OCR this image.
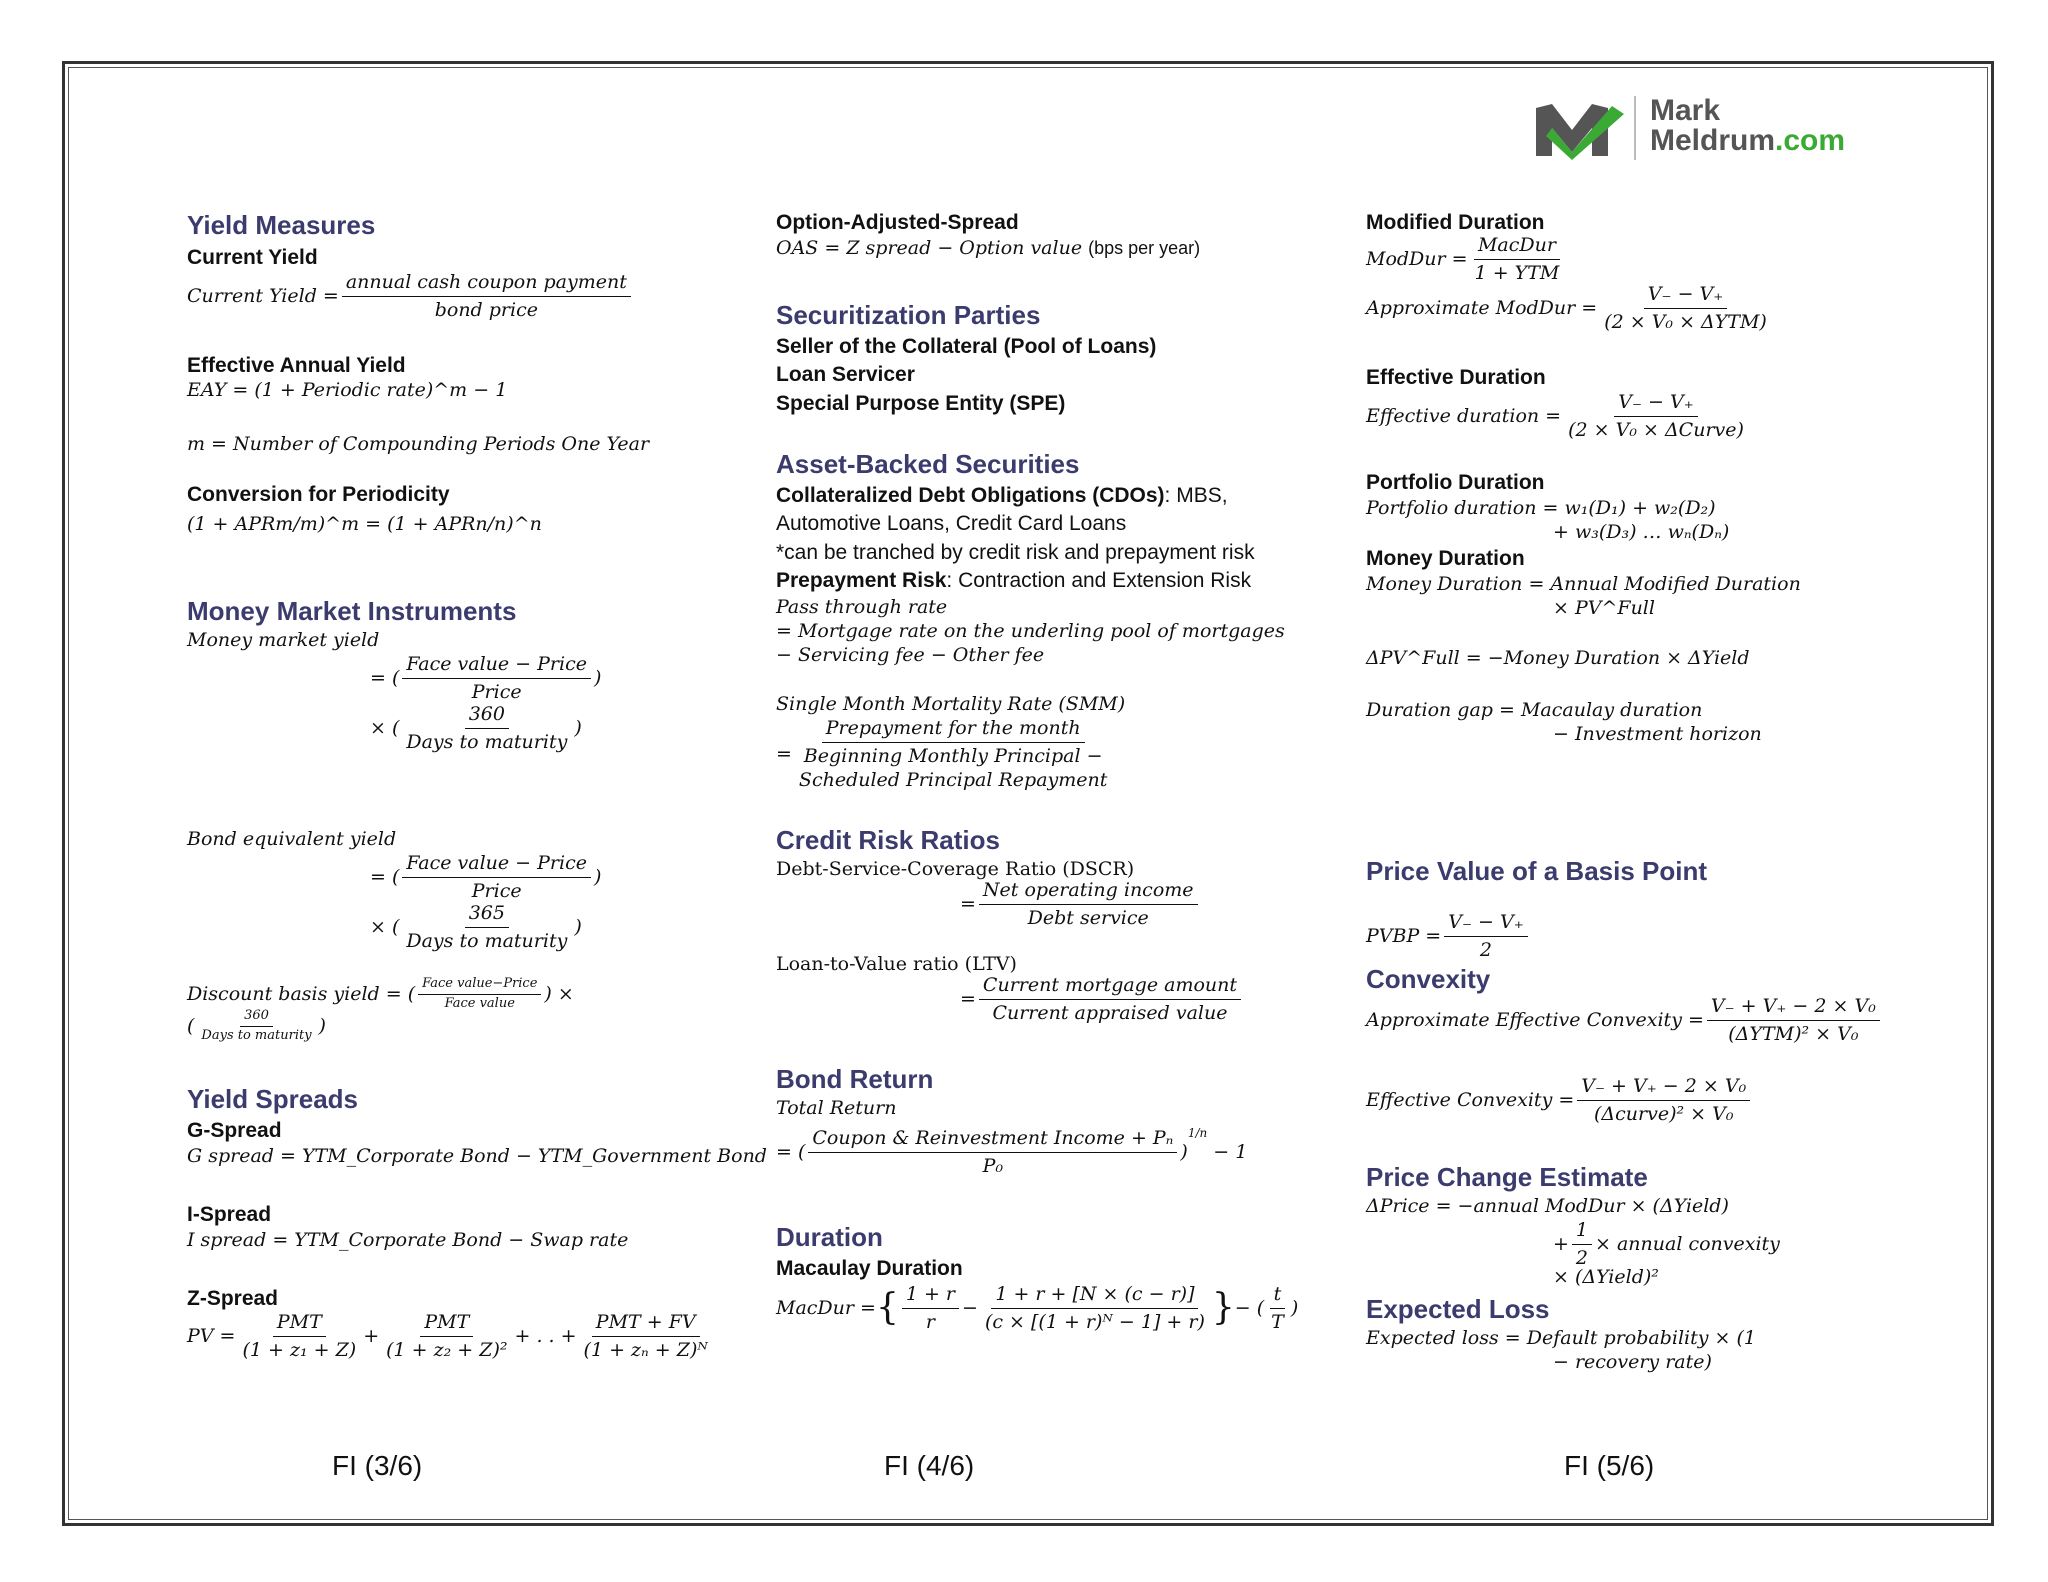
Mark
Meldrum.com
Yield Measures
Current Yield
Current Yield = $\frac{\text{annual cash coupon payment}}{\text{bond price}}$
Effective Annual Yield
EAY = (1 + Periodic rate)^m − 1
m = Number of Compounding Periods One Year
Conversion for Periodicity
(1 + APRm/m)^m = (1 + APRn/n)^n
Money Market Instruments
Money market yield
= ( $\frac{\text{Face value − Price}}{\text{Price}}$ )
× ( $\frac{360}{\text{Days to maturity}}$ )
Bond equivalent yield
= ( $\frac{\text{Face value − Price}}{\text{Price}}$ )
× ( $\frac{365}{\text{Days to maturity}}$ )
Discount basis yield = ( $\frac{\text{Face value−Price}}{\text{Face value}}$ ) ×
( $\frac{360}{\text{Days to maturity}}$ )
Yield Spreads
G-Spread
G spread = YTM_Corporate Bond − YTM_Government Bond
I-Spread
I spread = YTM_Corporate Bond − Swap rate
Z-Spread
PV = $\frac{\text{PMT}}{\text{(1 + z₁ + Z)}} + \frac{\text{PMT}}{\text{(1 + z₂ + Z)²}}$ + . . + $\frac{\text{PMT + FV}}{\text{(1 + zₙ + Z)ᴺ}}$
Option-Adjusted-Spread
OAS = Z spread − Option value (bps per year)
Securitization Parties
Seller of the Collateral (Pool of Loans)
Loan Servicer
Special Purpose Entity (SPE)
Asset-Backed Securities
Collateralized Debt Obligations (CDOs): MBS,
Automotive Loans, Credit Card Loans
*can be tranched by credit risk and prepayment risk
Prepayment Risk: Contraction and Extension Risk
Pass through rate
= Mortgage rate on the underling pool of mortgages
− Servicing fee − Other fee
Single Month Mortality Rate (SMM)
=
Prepayment for the month
Beginning Monthly Principal −
Scheduled Principal Repayment
Credit Risk Ratios
Debt-Service-Coverage Ratio (DSCR)
= $\frac{\text{Net operating income}}{\text{Debt service}}$
Loan-to-Value ratio (LTV)
= $\frac{\text{Current mortgage amount}}{\text{Current appraised value}}$
Bond Return
Total Return
= ( $\frac{\text{Coupon \& Reinvestment Income + Pₙ}}{\text{P₀}}$ )
$^{1/n}$

− 1
Duration
Macaulay Duration
MacDur = { $\frac{1 + r}{r} - \frac{1 + r + [N \times (c - r)]}{\text{(c × [(1 + r)ᴺ − 1] + r)}}$ } − ( $\frac{t}{T}$ )
Modified Duration
ModDur = $\frac{\text{MacDur}}{\text{1 + YTM}}$
Approximate ModDur = $\frac{V_- - V_+}{\text{(2 × V₀ × ΔYTM)}}$
Effective Duration
Effective duration = $\frac{V_- - V_+}{\text{(2 × V₀ × ΔCurve)}}$
Portfolio Duration
Portfolio duration = w₁(D₁) + w₂(D₂)
+ w₃(D₃) … wₙ(Dₙ)
Money Duration
Money Duration = Annual Modified Duration
× PV^Full
ΔPV^Full = −Money Duration × ΔYield
Duration gap = Macaulay duration
− Investment horizon
Price Value of a Basis Point
PVBP = $\frac{V_- - V_+}{2}$
Convexity
Approximate Effective Convexity = $\frac{\text{V₋ + V₊ − 2 × V₀}}{\text{(ΔYTM)² × V₀}}$
Effective Convexity = $\frac{\text{V₋ + V₊ − 2 × V₀}}{\text{(Δcurve)² × V₀}}$
Price Change Estimate
ΔPrice = −annual ModDur × (ΔYield)
+ $\frac{1}{2}$ × annual convexity
× (ΔYield)²
Expected Loss
Expected loss = Default probability × (1
− recovery rate)
FI (3/6)	FI (4/6)	FI (5/6)
